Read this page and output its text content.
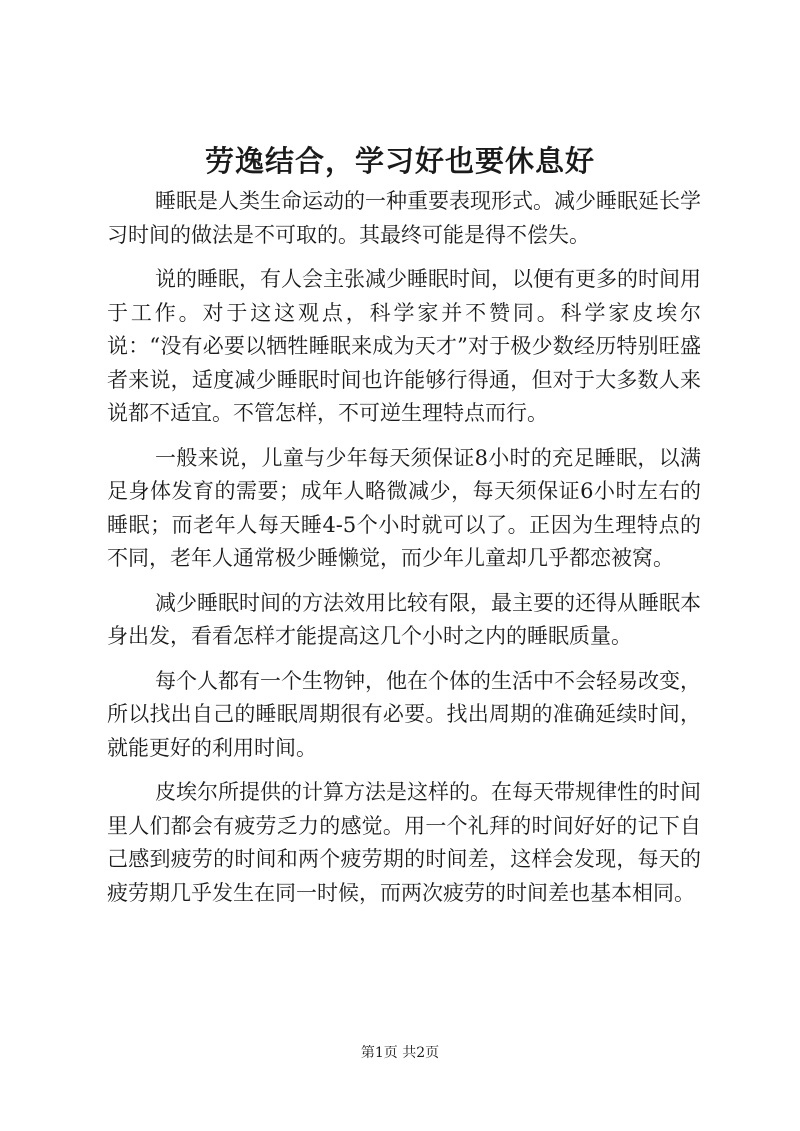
劳逸结合，学习好也要休息好

睡眠是人类生命运动的一种重要表现形式。减少睡眠延长学习时间的做法是不可取的。其最终可能是得不偿失。

说的睡眠，有人会主张减少睡眠时间，以便有更多的时间用于工作。对于这这观点，科学家并不赞同。科学家皮埃尔说：“没有必要以牺牲睡眠来成为天才”对于极少数经历特别旺盛者来说，适度减少睡眠时间也许能够行得通，但对于大多数人来说都不适宜。不管怎样，不可逆生理特点而行。

一般来说，儿童与少年每天须保证8小时的充足睡眠，以满足身体发育的需要；成年人略微减少，每天须保证6小时左右的睡眠；而老年人每天睡4-5个小时就可以了。正因为生理特点的不同，老年人通常极少睡懒觉，而少年儿童却几乎都恋被窝。

减少睡眠时间的方法效用比较有限，最主要的还得从睡眠本身出发，看看怎样才能提高这几个小时之内的睡眠质量。

每个人都有一个生物钟，他在个体的生活中不会轻易改变，所以找出自己的睡眠周期很有必要。找出周期的准确延续时间，就能更好的利用时间。

皮埃尔所提供的计算方法是这样的。在每天带规律性的时间里人们都会有疲劳乏力的感觉。用一个礼拜的时间好好的记下自己感到疲劳的时间和两个疲劳期的时间差，这样会发现，每天的疲劳期几乎发生在同一时候，而两次疲劳的时间差也基本相同。

第1页 共2页
